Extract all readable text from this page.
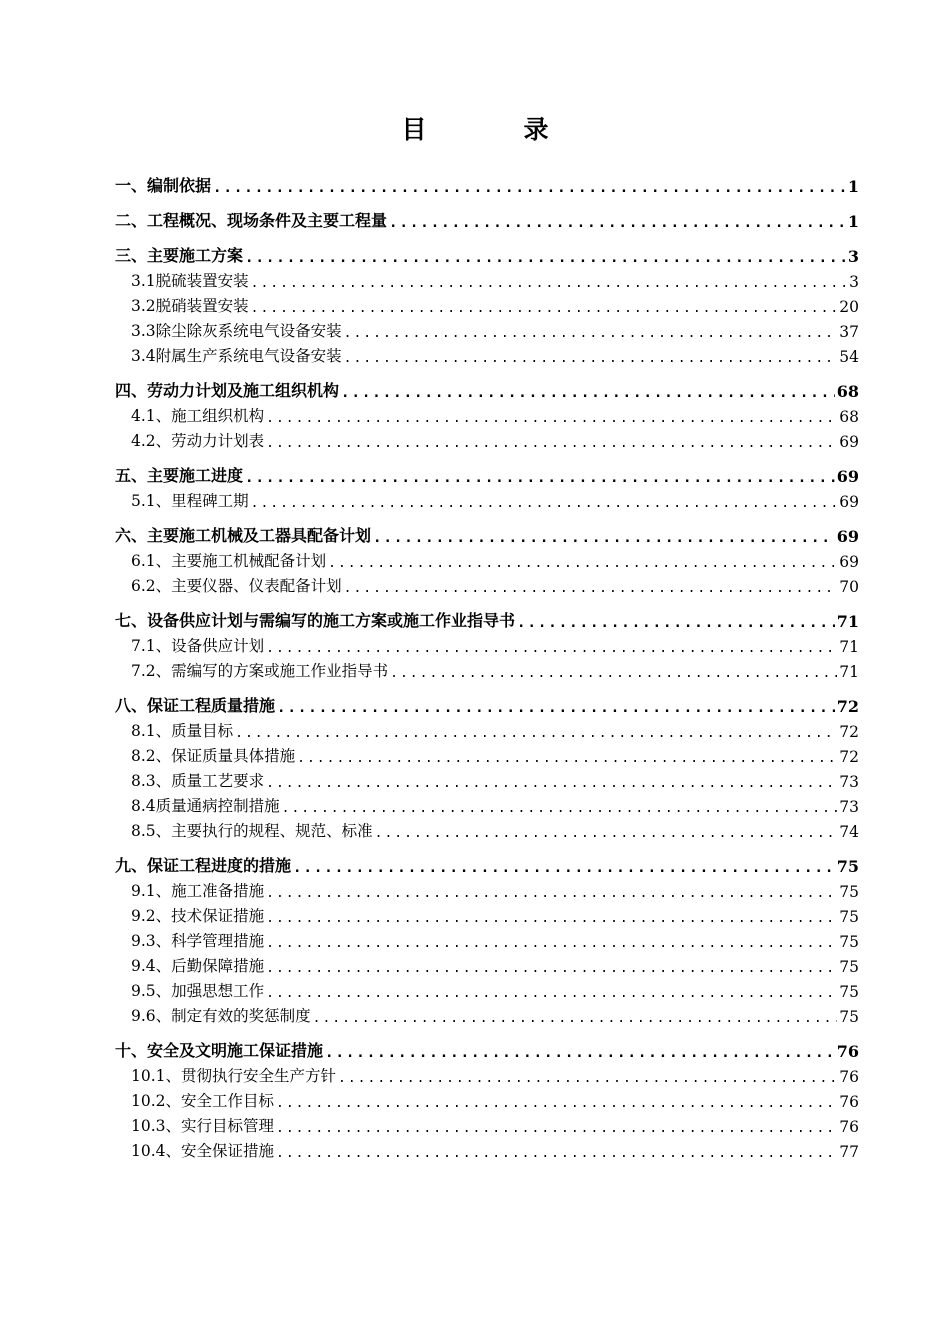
目　录
一、编制依据 .....	1
二、工程概况、现场条件及主要工程量 .....	1
三、主要施工方案 .....	3
3.1脱硫装置安装 .....	3
3.2脱硝装置安装 .....	20
3.3除尘除灰系统电气设备安装 .....	37
3.4附属生产系统电气设备安装 .....	54
四、劳动力计划及施工组织机构 .....	68
4.1、施工组织机构 .....	68
4.2、劳动力计划表 .....	69
五、主要施工进度 .....	69
5.1、里程碑工期 .....	69
六、主要施工机械及工器具配备计划 .....	69
6.1、主要施工机械配备计划 .....	69
6.2、主要仪器、仪表配备计划 .....	70
七、设备供应计划与需编写的施工方案或施工作业指导书 .....	71
7.1、设备供应计划 .....	71
7.2、需编写的方案或施工作业指导书 .....	71
八、保证工程质量措施 .....	72
8.1、质量目标 .....	72
8.2、保证质量具体措施 .....	72
8.3、质量工艺要求 .....	73
8.4质量通病控制措施 .....	73
8.5、主要执行的规程、规范、标准 .....	74
九、保证工程进度的措施 .....	75
9.1、施工准备措施 .....	75
9.2、技术保证措施 .....	75
9.3、科学管理措施 .....	75
9.4、后勤保障措施 .....	75
9.5、加强思想工作 .....	75
9.6、制定有效的奖惩制度 .....	75
十、安全及文明施工保证措施 .....	76
10.1、贯彻执行安全生产方针 .....	76
10.2、安全工作目标 .....	76
10.3、实行目标管理 .....	76
10.4、安全保证措施 .....	77
